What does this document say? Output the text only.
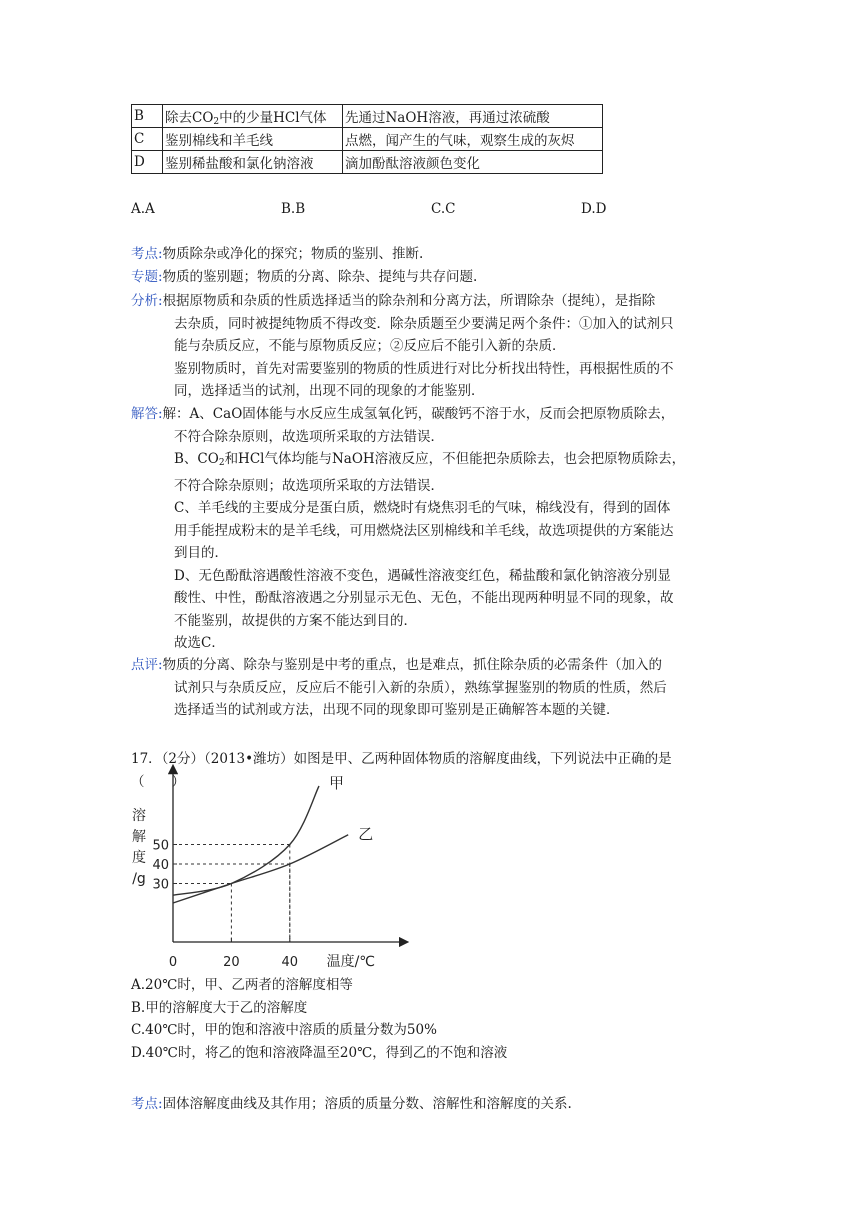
B	除去$CO_2$中的少量HCl气体	先通过NaOH溶液，再通过浓硫酸
C	鉴别棉线和羊毛线	点燃，闻产生的气味，观察生成的灰烬
D	鉴别稀盐酸和氯化钠溶液	滴加酚酞溶液颜色变化
A.A	B.B	C.C	D.D
考点:物质除杂或净化的探究；物质的鉴别、推断.
专题:物质的鉴别题；物质的分离、除杂、提纯与共存问题.
分析:根据原物质和杂质的性质选择适当的除杂剂和分离方法，所谓除杂（提纯），是指除
去杂质，同时被提纯物质不得改变．除杂质题至少要满足两个条件：①加入的试剂只
能与杂质反应，不能与原物质反应；②反应后不能引入新的杂质．
鉴别物质时，首先对需要鉴别的物质的性质进行对比分析找出特性，再根据性质的不
同，选择适当的试剂，出现不同的现象的才能鉴别．
解答:解：A、CaO固体能与水反应生成氢氧化钙，碳酸钙不溶于水，反而会把原物质除去，
不符合除杂原则，故选项所采取的方法错误．
B、$CO_2$和HCl气体均能与NaOH溶液反应，不但能把杂质除去，也会把原物质除去，
不符合除杂原则；故选项所采取的方法错误．
C、羊毛线的主要成分是蛋白质，燃烧时有烧焦羽毛的气味，棉线没有，得到的固体
用手能捏成粉末的是羊毛线，可用燃烧法区别棉线和羊毛线，故选项提供的方案能达
到目的．
D、无色酚酞溶遇酸性溶液不变色，遇碱性溶液变红色，稀盐酸和氯化钠溶液分别显
酸性、中性，酚酞溶液遇之分别显示无色、无色，不能出现两种明显不同的现象，故
不能鉴别，故提供的方案不能达到目的．
故选C．
点评:物质的分离、除杂与鉴别是中考的重点，也是难点，抓住除杂质的必需条件（加入的
试剂只与杂质反应，反应后不能引入新的杂质），熟练掌握鉴别的物质的性质，然后
选择适当的试剂或方法，出现不同的现象即可鉴别是正确解答本题的关键．
17．（2分）（2013•潍坊）如图是甲、乙两种固体物质的溶解度曲线，下列说法中正确的是
（　　）
溶
解
度
/g
温度/℃
0	20	40
30
40
50
甲
乙
A.20℃时，甲、乙两者的溶解度相等
B.甲的溶解度大于乙的溶解度
C.40℃时，甲的饱和溶液中溶质的质量分数为50%
D.40℃时，将乙的饱和溶液降温至20℃，得到乙的不饱和溶液
考点:固体溶解度曲线及其作用；溶质的质量分数、溶解性和溶解度的关系.
